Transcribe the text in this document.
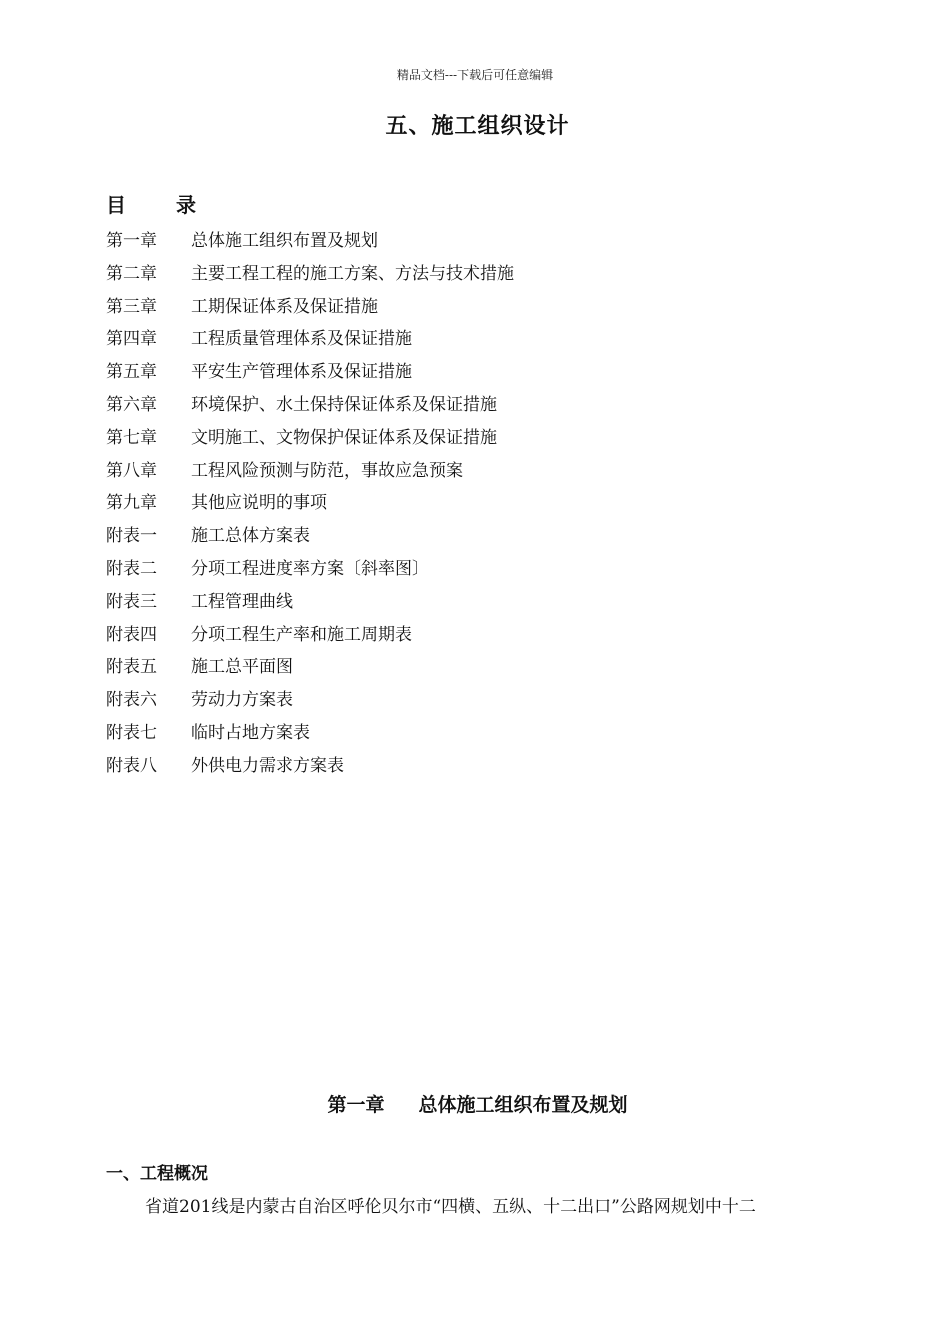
精品文档---下载后可任意编辑
五、施工组织设计
目	录
第一章 总体施工组织布置及规划
第二章 主要工程工程的施工方案、方法与技术措施
第三章 工期保证体系及保证措施
第四章 工程质量管理体系及保证措施
第五章 平安生产管理体系及保证措施
第六章 环境保护、水土保持保证体系及保证措施
第七章 文明施工、文物保护保证体系及保证措施
第八章 工程风险预测与防范，事故应急预案
第九章 其他应说明的事项
附表一 施工总体方案表
附表二 分项工程进度率方案〔斜率图〕
附表三 工程管理曲线
附表四 分项工程生产率和施工周期表
附表五 施工总平面图
附表六 劳动力方案表
附表七 临时占地方案表
附表八 外供电力需求方案表
第一章 总体施工组织布置及规划
一、工程概况
省道201线是内蒙古自治区呼伦贝尔市“四横、五纵、十二出口”公路网规划中十二
